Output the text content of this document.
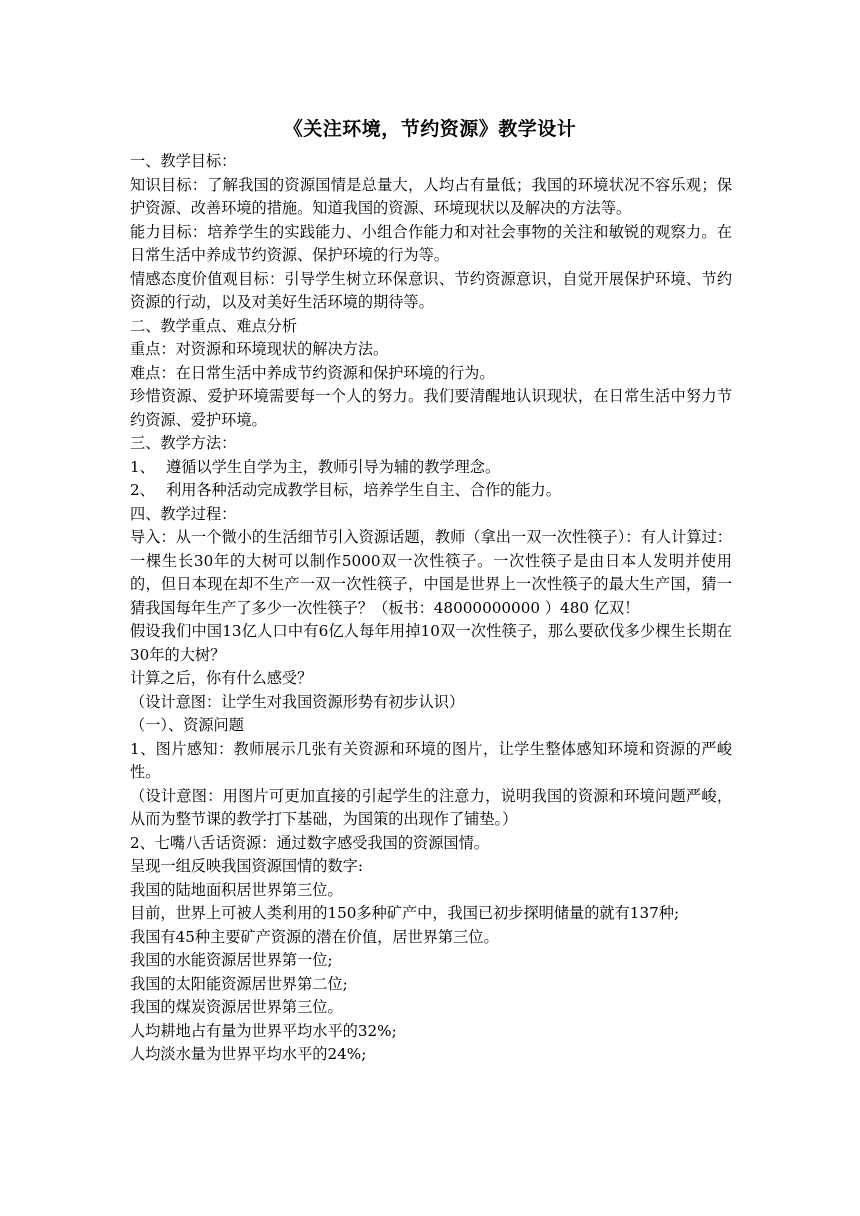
《关注环境，节约资源》教学设计

一、教学目标：

知识目标：了解我国的资源国情是总量大，人均占有量低；我国的环境状况不容乐观；保护资源、改善环境的措施。知道我国的资源、环境现状以及解决的方法等。

能力目标：培养学生的实践能力、小组合作能力和对社会事物的关注和敏锐的观察力。在日常生活中养成节约资源、保护环境的行为等。

情感态度价值观目标：引导学生树立环保意识、节约资源意识，自觉开展保护环境、节约资源的行动，以及对美好生活环境的期待等。

二、教学重点、难点分析

重点：对资源和环境现状的解决方法。

难点：在日常生活中养成节约资源和保护环境的行为。

珍惜资源、爱护环境需要每一个人的努力。我们要清醒地认识现状，在日常生活中努力节约资源、爱护环境。

三、教学方法：

1、 遵循以学生自学为主，教师引导为辅的教学理念。
2、 利用各种活动完成教学目标，培养学生自主、合作的能力。

四、教学过程：

导入：从一个微小的生活细节引入资源话题，教师（拿出一双一次性筷子）：有人计算过：一棵生长30年的大树可以制作5000双一次性筷子。一次性筷子是由日本人发明并使用的，但日本现在却不生产一双一次性筷子，中国是世界上一次性筷子的最大生产国，猜一猜我国每年生产了多少一次性筷子？（板书：48000000000 ）480 亿双！

假设我们中国13亿人口中有6亿人每年用掉10双一次性筷子，那么要砍伐多少棵生长期在30年的大树？

计算之后，你有什么感受？

（设计意图：让学生对我国资源形势有初步认识）

（一）、资源问题

1、图片感知：教师展示几张有关资源和环境的图片，让学生整体感知环境和资源的严峻性。

（设计意图：用图片可更加直接的引起学生的注意力，说明我国的资源和环境问题严峻，从而为整节课的教学打下基础，为国策的出现作了铺垫。）

2、七嘴八舌话资源：通过数字感受我国的资源国情。

呈现一组反映我国资源国情的数字:

我国的陆地面积居世界第三位。

目前，世界上可被人类利用的150多种矿产中，我国已初步探明储量的就有137种;

我国有45种主要矿产资源的潜在价值，居世界第三位。

我国的水能资源居世界第一位;

我国的太阳能资源居世界第二位;

我国的煤炭资源居世界第三位。

人均耕地占有量为世界平均水平的32%;

人均淡水量为世界平均水平的24%;
